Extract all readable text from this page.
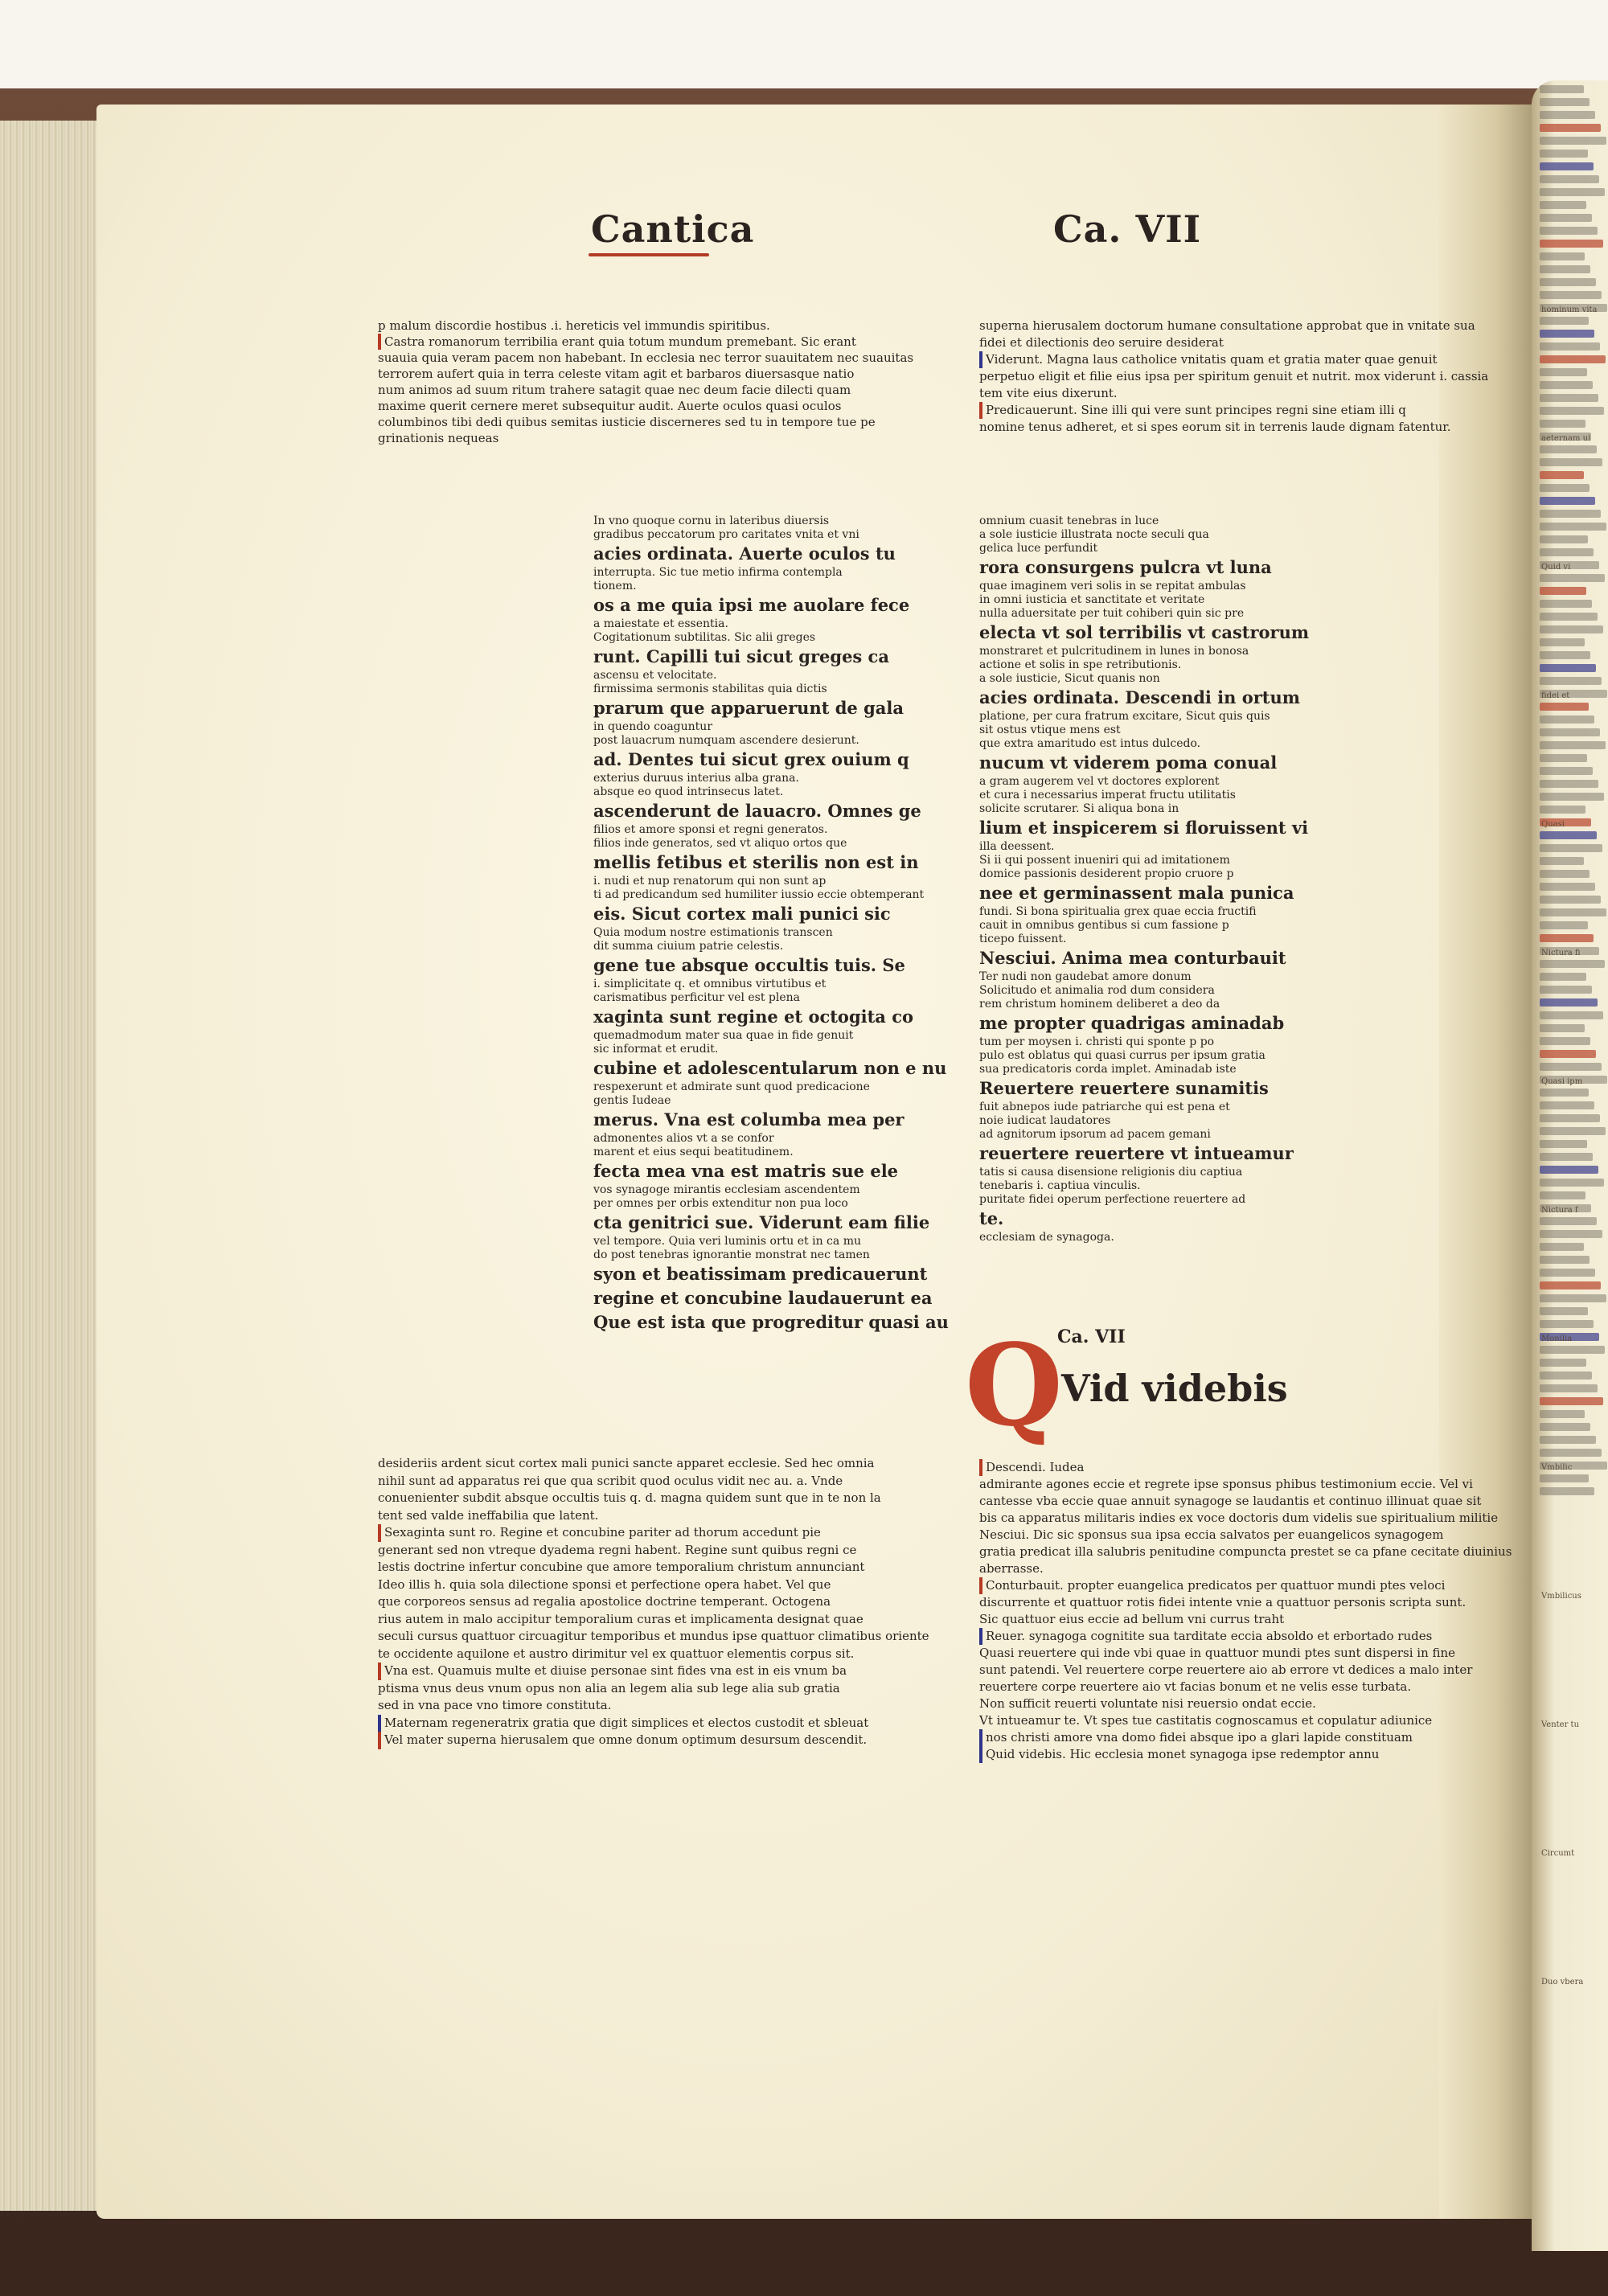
hominum vita
aeternam ui
Quid vi
fidei et
Quasi
Nictura fi
Quasi ipm
Nictura f
Monilia
Vmbilic
Vmbilicus
Venter tu
Circumt
Duo vbera
Cantica	Ca. VII

p malum discordie hostibus .i. hereticis vel immundis spiritibus.

Castra romanorum terribilia erant quia totum mundum premebant. Sic erant

suauia quia veram pacem non habebant. In ecclesia nec terror suauitatem nec suauitas

terrorem aufert quia in terra celeste vitam agit et barbaros diuersasque natio

num animos ad suum ritum trahere satagit quae nec deum facie dilecti quam

maxime querit cernere meret subsequitur audit. Auerte oculos quasi oculos

columbinos tibi dedi quibus semitas iusticie discerneres sed tu in tempore tue pe

grinationis nequeas

desideriis ardent sicut cortex mali punici sancte apparet ecclesie. Sed hec omnia

nihil sunt ad apparatus rei que qua scribit quod oculus vidit nec au. a. Vnde

conuenienter subdit absque occultis tuis q. d. magna quidem sunt que in te non la

tent sed valde ineffabilia que latent.

Sexaginta sunt ro. Regine et concubine pariter ad thorum accedunt pie

generant sed non vtreque dyadema regni habent. Regine sunt quibus regni ce

lestis doctrine infertur concubine que amore temporalium christum annunciant

Ideo illis h. quia sola dilectione sponsi et perfectione opera habet. Vel que

que corporeos sensus ad regalia apostolice doctrine temperant. Octogena

rius autem in malo accipitur temporalium curas et implicamenta designat quae

seculi cursus quattuor circuagitur temporibus et mundus ipse quattuor climatibus oriente

te occidente aquilone et austro dirimitur vel ex quattuor elementis corpus sit.

Vna est. Quamuis multe et diuise personae sint fides vna est in eis vnum ba

ptisma vnus deus vnum opus non alia an legem alia sub lege alia sub gratia

sed in vna pace vno timore constituta.

Maternam regeneratrix gratia que digit simplices et electos custodit et sbleuat

Vel mater superna hierusalem que omne donum optimum desursum descendit.

In vno quoque cornu in lateribus diuersis

gradibus peccatorum pro caritates vnita et vni

acies ordinata. Auerte oculos tu

interrupta. Sic tue metio infirma contempla

tionem.

os a me quia ipsi me auolare fece

a maiestate et essentia.

Cogitationum subtilitas. Sic alii greges

runt. Capilli tui sicut greges ca

ascensu et velocitate.

firmissima sermonis stabilitas quia dictis

prarum que apparuerunt de gala

in quendo coaguntur

post lauacrum numquam ascendere desierunt.

ad. Dentes tui sicut grex ouium q

exterius duruus interius alba grana.

absque eo quod intrinsecus latet.

ascenderunt de lauacro. Omnes ge

filios et amore sponsi et regni generatos.

filios inde generatos, sed vt aliquo ortos que

mellis fetibus et sterilis non est in

i. nudi et nup renatorum qui non sunt ap

ti ad predicandum sed humiliter iussio eccie obtemperant

eis. Sicut cortex mali punici sic

Quia modum nostre estimationis transcen

dit summa ciuium patrie celestis.

gene tue absque occultis tuis. Se

i. simplicitate q. et omnibus virtutibus et

carismatibus perficitur vel est plena

xaginta sunt regine et octogita co

quemadmodum mater sua quae in fide genuit

sic informat et erudit.

cubine et adolescentularum non e nu

respexerunt et admirate sunt quod predicacione

gentis Iudeae

merus. Vna est columba mea per

admonentes alios vt a se confor

marent et eius sequi beatitudinem.

fecta mea vna est matris sue ele

vos synagoge mirantis ecclesiam ascendentem

per omnes per orbis extenditur non pua loco

cta genitrici sue. Viderunt eam filie

vel tempore. Quia veri luminis ortu et in ca mu

do post tenebras ignorantie monstrat nec tamen

syon et beatissimam predicauerunt

regine et concubine laudauerunt ea

Que est ista que progreditur quasi au

superna hierusalem doctorum humane consultatione approbat que in vnitate sua

fidei et dilectionis deo seruire desiderat

Viderunt. Magna laus catholice vnitatis quam et gratia mater quae genuit

perpetuo eligit et filie eius ipsa per spiritum genuit et nutrit. mox viderunt i. cassia

tem vite eius dixerunt.

Predicauerunt. Sine illi qui vere sunt principes regni sine etiam illi q

nomine tenus adheret, et si spes eorum sit in terrenis laude dignam fatentur.

omnium cuasit tenebras in luce

a sole iusticie illustrata nocte seculi qua

gelica luce perfundit

rora consurgens pulcra vt luna

quae imaginem veri solis in se repitat ambulas

in omni iusticia et sanctitate et veritate

nulla aduersitate per tuit cohiberi quin sic pre

electa vt sol terribilis vt castrorum

monstraret et pulcritudinem in lunes in bonosa

actione et solis in spe retributionis.

a sole iusticie, Sicut quanis non

acies ordinata. Descendi in ortum

platione, per cura fratrum excitare, Sicut quis quis

sit ostus vtique mens est

que extra amaritudo est intus dulcedo.

nucum vt viderem poma conual

a gram augerem vel vt doctores explorent

et cura i necessarius imperat fructu utilitatis

solicite scrutarer. Si aliqua bona in

lium et inspicerem si floruissent vi

illa deessent.

Si ii qui possent inueniri qui ad imitationem

domice passionis desiderent propio cruore p

nee et germinassent mala punica

fundi. Si bona spiritualia grex quae eccia fructifi

cauit in omnibus gentibus si cum fassione p

ticepo fuissent.

Nesciui. Anima mea conturbauit

Ter nudi non gaudebat amore donum

Solicitudo et animalia rod dum considera

rem christum hominem deliberet a deo da

me propter quadrigas aminadab

tum per moysen i. christi qui sponte p po

pulo est oblatus qui quasi currus per ipsum gratia

sua predicatoris corda implet. Aminadab iste

Reuertere reuertere sunamitis

fuit abnepos iude patriarche qui est pena et

noie iudicat laudatores

ad agnitorum ipsorum ad pacem gemani

reuertere reuertere vt intueamur

tatis si causa disensione religionis diu captiua

tenebaris i. captiua vinculis.

puritate fidei operum perfectione reuertere ad

te.

ecclesiam de synagoga.

Ca. VII
Q
Vid videbis

Descendi. Iudea

admirante agones eccie et regrete ipse sponsus phibus testimonium eccie. Vel vi

cantesse vba eccie quae annuit synagoge se laudantis et continuo illinuat quae sit

bis ca apparatus militaris indies ex voce doctoris dum videlis sue spiritualium militie

Nesciui. Dic sic sponsus sua ipsa eccia salvatos per euangelicos synagogem

gratia predicat illa salubris penitudine compuncta prestet se ca pfane cecitate diuinius

aberrasse.

Conturbauit. propter euangelica predicatos per quattuor mundi ptes veloci

discurrente et quattuor rotis fidei intente vnie a quattuor personis scripta sunt.

Sic quattuor eius eccie ad bellum vni currus traht

Reuer. synagoga cognitite sua tarditate eccia absoldo et erbortado rudes

Quasi reuertere qui inde vbi quae in quattuor mundi ptes sunt dispersi in fine

sunt patendi. Vel reuertere corpe reuertere aio ab errore vt dedices a malo inter

reuertere corpe reuertere aio vt facias bonum et ne velis esse turbata.

Non sufficit reuerti voluntate nisi reuersio ondat eccie.

Vt intueamur te. Vt spes tue castitatis cognoscamus et copulatur adiunice

nos christi amore vna domo fidei absque ipo a glari lapide constituam

Quid videbis. Hic ecclesia monet synagoga ipse redemptor annu
